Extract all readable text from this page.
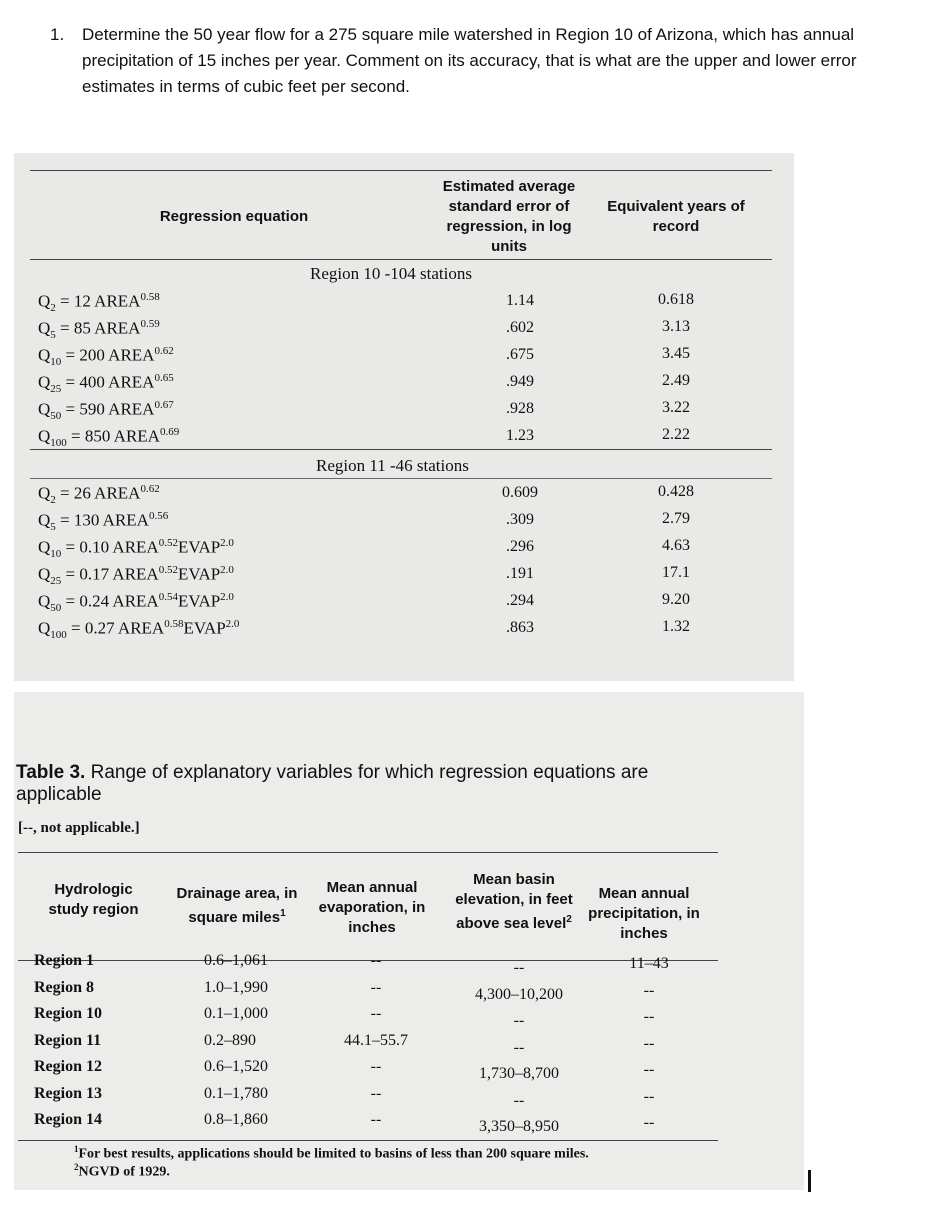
1. Determine the 50 year flow for a 275 square mile watershed in Region 10 of Arizona, which has annual precipitation of 15 inches per year. Comment on its accuracy, that is what are the upper and lower error estimates in terms of cubic feet per second.
Regression equation
Estimated average standard error of regression, in log units
Equivalent years of record
Region 10 -104 stations
$Q_2 = 12$ $AREA^{0.58}$	1.14	0.618
$Q_5 = 85$ $AREA^{0.59}$	.602	3.13
$Q_{10} = 200$ $AREA^{0.62}$	.675	3.45
$Q_{25} = 400$ $AREA^{0.65}$	.949	2.49
$Q_{50} = 590$ $AREA^{0.67}$	.928	3.22
$Q_{100} = 850$ $AREA^{0.69}$	1.23	2.22
Region 11 -46 stations
$Q_2 = 26$ $AREA^{0.62}$	0.609	0.428
$Q_5 = 130$ $AREA^{0.56}$	.309	2.79
$Q_{10} = 0.10$ $AREA^{0.52}EVAP^{2.0}$	.296	4.63
$Q_{25} = 0.17$ $AREA^{0.52}EVAP^{2.0}$	.191	17.1
$Q_{50} = 0.24$ $AREA^{0.54}EVAP^{2.0}$	.294	9.20
$Q_{100} = 0.27$ $AREA^{0.58}EVAP^{2.0}$	.863	1.32
Table 3. Range of explanatory variables for which regression equations are applicable
[--, not applicable.]
Hydrologic study region
Drainage area, in square miles$^1$
Mean annual evaporation, in inches
Mean basin elevation, in feet above sea level$^2$
Mean annual precipitation, in inches
Region 1	0.6–1,061	--	--	11–43
Region 8	1.0–1,990	--	4,300–10,200	--
Region 10	0.1–1,000	--	--	--
Region 11	0.2–890	44.1–55.7	--	--
Region 12	0.6–1,520	--	1,730–8,700	--
Region 13	0.1–1,780	--	--	--
Region 14	0.8–1,860	--	3,350–8,950	--
$^1$For best results, applications should be limited to basins of less than 200 square miles.
$^2$NGVD of 1929.
